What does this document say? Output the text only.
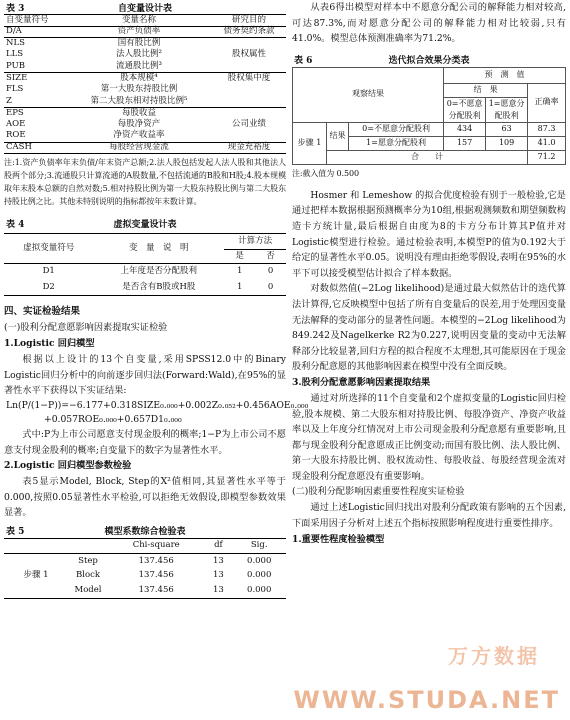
表 3	自变量设计表
自变量符号	变量名称	研究目的
D/A	资产负债率	债务契约条款
NLS	国有股比例	
LLS	法人股比例²	股权属性
PUB	流通股比例³	
SIZE	股本规模⁴	股权集中度
FLS	第一大股东持股比例	
Z	第二大股东相对持股比例⁵	
EPS	每股收益	
AOE	每股净资产	公司业绩
ROE	净资产收益率	
CASH	每股经营现金流	现金充裕度
注:1.资产负债率年末负债/年末资产总额;2.法人股包括发起人法人股和其他法人股两个部分;3.流通股只计算流通的A股数量,不包括流通的B股和H股;4.股本规模取年末股本总额的自然对数;5.相对持股比例为第一大股东持股比例与第二大股东持股比例之比。其他未特别说明的指标都按年末数计算。
表 4	虚拟变量设计表
虚拟变量符号	变　量　说　明	计算方法	
		是	否
D1	上年度是否分配股利	1	0
D2	是否含有B股或H股	1	0
四、实证检验结果
(一)股利分配意愿影响因素提取实证检验
1.Logistic 回归模型

根据以上设计的13个自变量,采用SPSS12.0中的Binary Logistic回归分析中的向前逐步回归法(Forward:Wald),在95%的显著性水平下获得以下实证结果:

Ln(P/(1−P))=−6.177+0.318SIZE₀.₀₀₀+0.002Z₀.₀₅₂+0.456AOE₀.₀₀₀
+0.057ROE₀.₀₀₀+0.657D1₀.₀₀₀

式中:P为上市公司愿意支付现金股利的概率;1−P为上市公司不愿意支付现金股利的概率;自变量下的数字为显著性水平。

2.Logistic 回归模型参数检验

表5显示Model, Block, Step的X²值相同,其显著性水平等于0.000,按照0.05显著性水平检验,可以拒绝无效假设,即模型参数效果显著。

表 5	模型系数综合检验表
		Chi-square	df	Sig.
步骤 1	Step	137.456	13	0.000
	Block	137.456	13	0.000
	Model	137.456	13	0.000

从表6得出模型对样本中不愿意分配公司的解释能力相对较高,可达87.3%,而对愿意分配公司的解释能力相对比较弱,只有41.0%。模型总体预测准确率为71.2%。

表 6	迭代拟合效果分类表
观察结果			预　测　值		
			结　果		正确率
			0=不愿意分配股利	1=愿意分配股利	
步骤 1	结果	0=不愿意分配股利	434	63	87.3
		1=愿意分配股利	157	109	41.0
	合　　计				71.2
注:截入值为 0.500

Hosmer 和 Lemeshow 的拟合优度检验有别于一般检验,它是通过把样本数据根据预测概率分为10组,根据观测频数和期望频数构造卡方统计量,最后根据自由度为8的卡方分布计算其P值并对Logistic模型进行检验。通过检验表明,本模型P的值为0.192大于给定的显著性水平0.05。说明没有理由拒绝零假设,表明在95%的水平下可以接受模型估计拟合了样本数据。

对数似然值(−2Log likelihood)是通过最大似然估计的迭代算法计算得,它反映模型中包括了所有自变量后的误差,用于处理因变量无法解释的变动部分的显著性问题。本模型的−2Log likelihood为849.242及Nagelkerke R2为0.227,说明因变量的变动中无法解释部分比较显著,回归方程的拟合程度不太理想,其可能原因在于现金股利分配意愿的其他影响因素在模型中没有全面反映。

3.股利分配意愿影响因素提取结果

通过对所选择的11个自变量和2个虚拟变量的Logistic回归检验,股本规模、第二大股东相对持股比例、每股净资产、净资产收益率以及上年度分红情况对上市公司现金股利分配意愿有重要影响,且都与现金股利分配意愿成正比例变动;而国有股比例、法人股比例、第一大股东持股比例、股权流动性、每股收益、每股经营现金流对现金股利分配意愿没有重要影响。

(二)股利分配影响因素重要性程度实证检验

通过上述Logistic回归找出对股利分配政策有影响的五个因素,下面采用因子分析对上述五个指标按照影响程度进行重要性排序。

1.重要性程度检验模型
万方数据
WWW.STUDA.NET
